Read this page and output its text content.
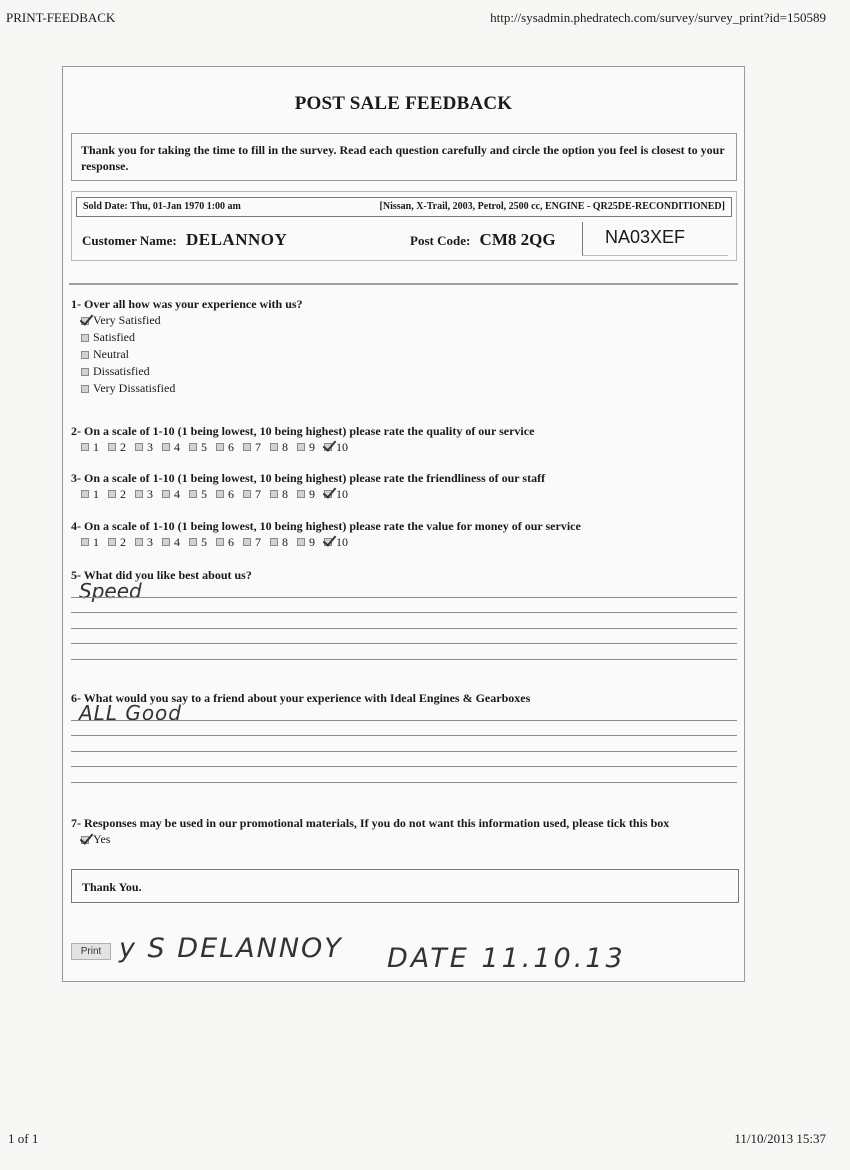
PRINT-FEEDBACK	http://sysadmin.phedratech.com/survey/survey_print?id=150589
POST SALE FEEDBACK
Thank you for taking the time to fill in the survey. Read each question carefully and circle the option you feel is closest to your response.
Sold Date: Thu, 01-Jan 1970 1:00 am	[Nissan, X-Trail, 2003, Petrol, 2500 cc, ENGINE - QR25DE-RECONDITIONED]
Customer Name: DELANNOY	Post Code: CM8 2QG	NA03XEF
1- Over all how was your experience with us?
Very Satisfied
Satisfied
Neutral
Dissatisfied
Very Dissatisfied
2- On a scale of 1-10 (1 being lowest, 10 being highest) please rate the quality of our service
1 2 3 4 5 6 7 8 9 10
3- On a scale of 1-10 (1 being lowest, 10 being highest) please rate the friendliness of our staff
1 2 3 4 5 6 7 8 9 10
4- On a scale of 1-10 (1 being lowest, 10 being highest) please rate the value for money of our service
1 2 3 4 5 6 7 8 9 10
5- What did you like best about us?
Speed
6- What would you say to a friend about your experience with Ideal Engines & Gearboxes
ALL Good
7- Responses may be used in our promotional materials, If you do not want this information used, please tick this box
Yes
Thank You.
Print y S DELANNOY DATE 11.10.13
1 of 1	11/10/2013 15:37
